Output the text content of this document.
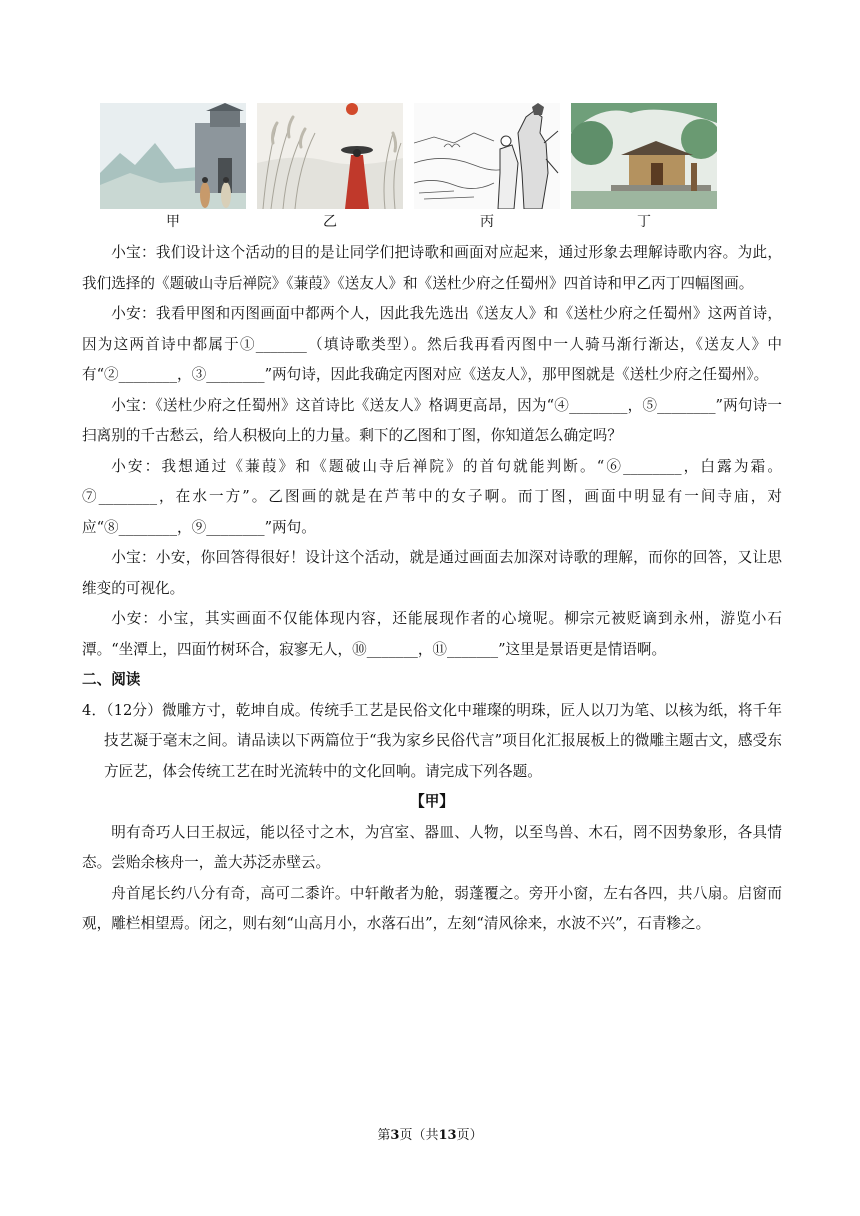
甲	乙	丙	丁

小宝：我们设计这个活动的目的是让同学们把诗歌和画面对应起来，通过形象去理解诗歌内容。为此，我们选择的《题破山寺后禅院》《蒹葭》《送友人》和《送杜少府之任蜀州》四首诗和甲乙丙丁四幅图画。

小安：我看甲图和丙图画面中都两个人，因此我先选出《送友人》和《送杜少府之任蜀州》这两首诗，因为这两首诗中都属于①_______（填诗歌类型）。然后我再看丙图中一人骑马渐行渐达，《送友人》中有“②________，③________”两句诗，因此我确定丙图对应《送友人》，那甲图就是《送杜少府之任蜀州》。

小宝：《送杜少府之任蜀州》这首诗比《送友人》格调更高昂，因为“④________，⑤________”两句诗一扫离别的千古愁云，给人积极向上的力量。剩下的乙图和丁图，你知道怎么确定吗？

小安：我想通过《蒹葭》和《题破山寺后禅院》的首句就能判断。“⑥________，白露为霜。⑦________，在水一方”。乙图画的就是在芦苇中的女子啊。而丁图，画面中明显有一间寺庙，对应“⑧________，⑨________”两句。

小宝：小安，你回答得很好！设计这个活动，就是通过画面去加深对诗歌的理解，而你的回答，又让思维变的可视化。

小安：小宝，其实画面不仅能体现内容，还能展现作者的心境呢。柳宗元被贬谪到永州，游览小石潭。“坐潭上，四面竹树环合，寂寥无人，⑩_______，⑪_______”这里是景语更是情语啊。

二、阅读

4．（12分）微雕方寸，乾坤自成。传统手工艺是民俗文化中璀璨的明珠，匠人以刀为笔、以核为纸，将千年技艺凝于毫末之间。请品读以下两篇位于“我为家乡民俗代言”项目化汇报展板上的微雕主题古文，感受东方匠艺，体会传统工艺在时光流转中的文化回响。请完成下列各题。

【甲】

明有奇巧人曰王叔远，能以径寸之木，为宫室、器皿、人物，以至鸟兽、木石，罔不因势象形，各具情态。尝贻余核舟一，盖大苏泛赤壁云。

舟首尾长约八分有奇，高可二黍许。中轩敞者为舱，弱蓬覆之。旁开小窗，左右各四，共八扇。启窗而观，雕栏相望焉。闭之，则右刻“山高月小，水落石出”，左刻“清风徐来，水波不兴”，石青糁之。

第3页（共13页）
